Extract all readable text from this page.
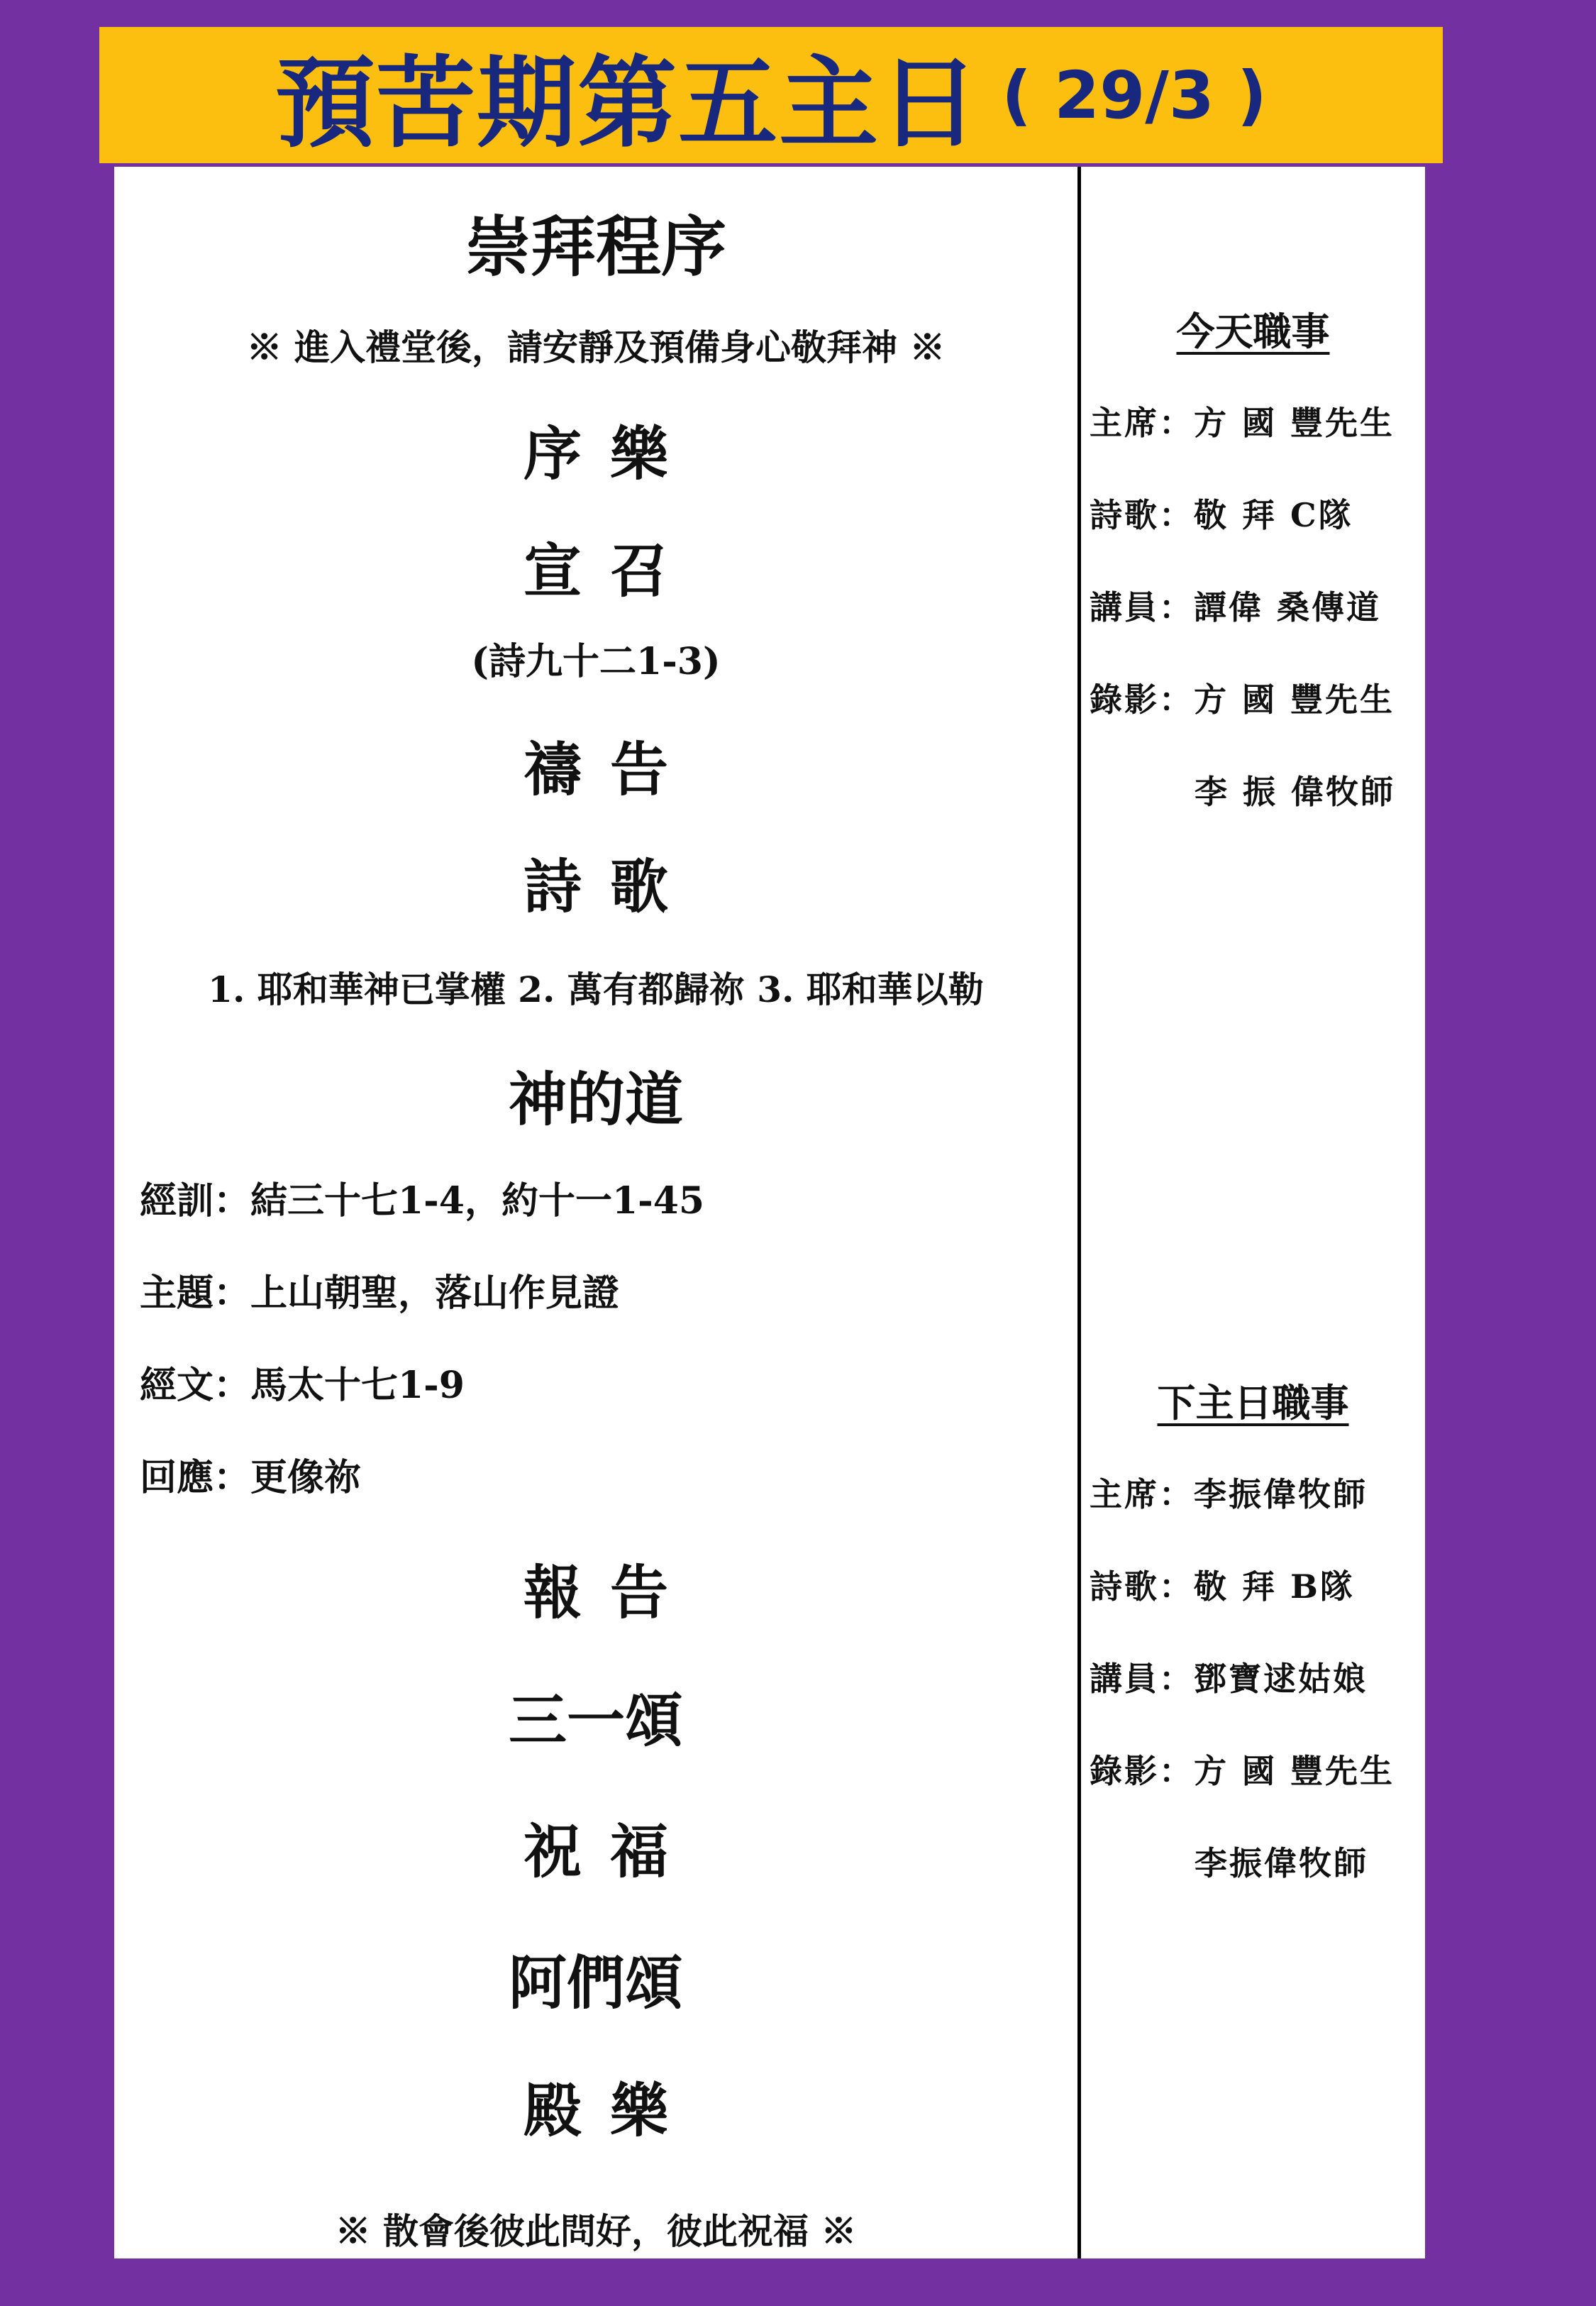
預苦期第五主日 ( 29/3 )
崇拜程序
※ 進入禮堂後，請安靜及預備身心敬拜神 ※
序樂
宣召
(詩九十二1-3)
禱告
詩歌
1. 耶和華神已掌權 2. 萬有都歸祢 3. 耶和華以勒
神的道
經訓：結三十七1-4，約十一1-45
主題：上山朝聖，落山作見證
經文：馬太十七1-9
回應：更像祢
報告
三一頌
祝福
阿們頌
殿樂
※ 散會後彼此問好，彼此祝福 ※
今天職事
主席：方 國 豐先生
詩歌：敬 拜 C隊
講員：譚偉 桑傳道
錄影：方 國 豐先生
李 振 偉牧師
下主日職事
主席：李振偉牧師
詩歌：敬 拜 B隊
講員：鄧寶逑姑娘
錄影：方 國 豐先生
李振偉牧師
